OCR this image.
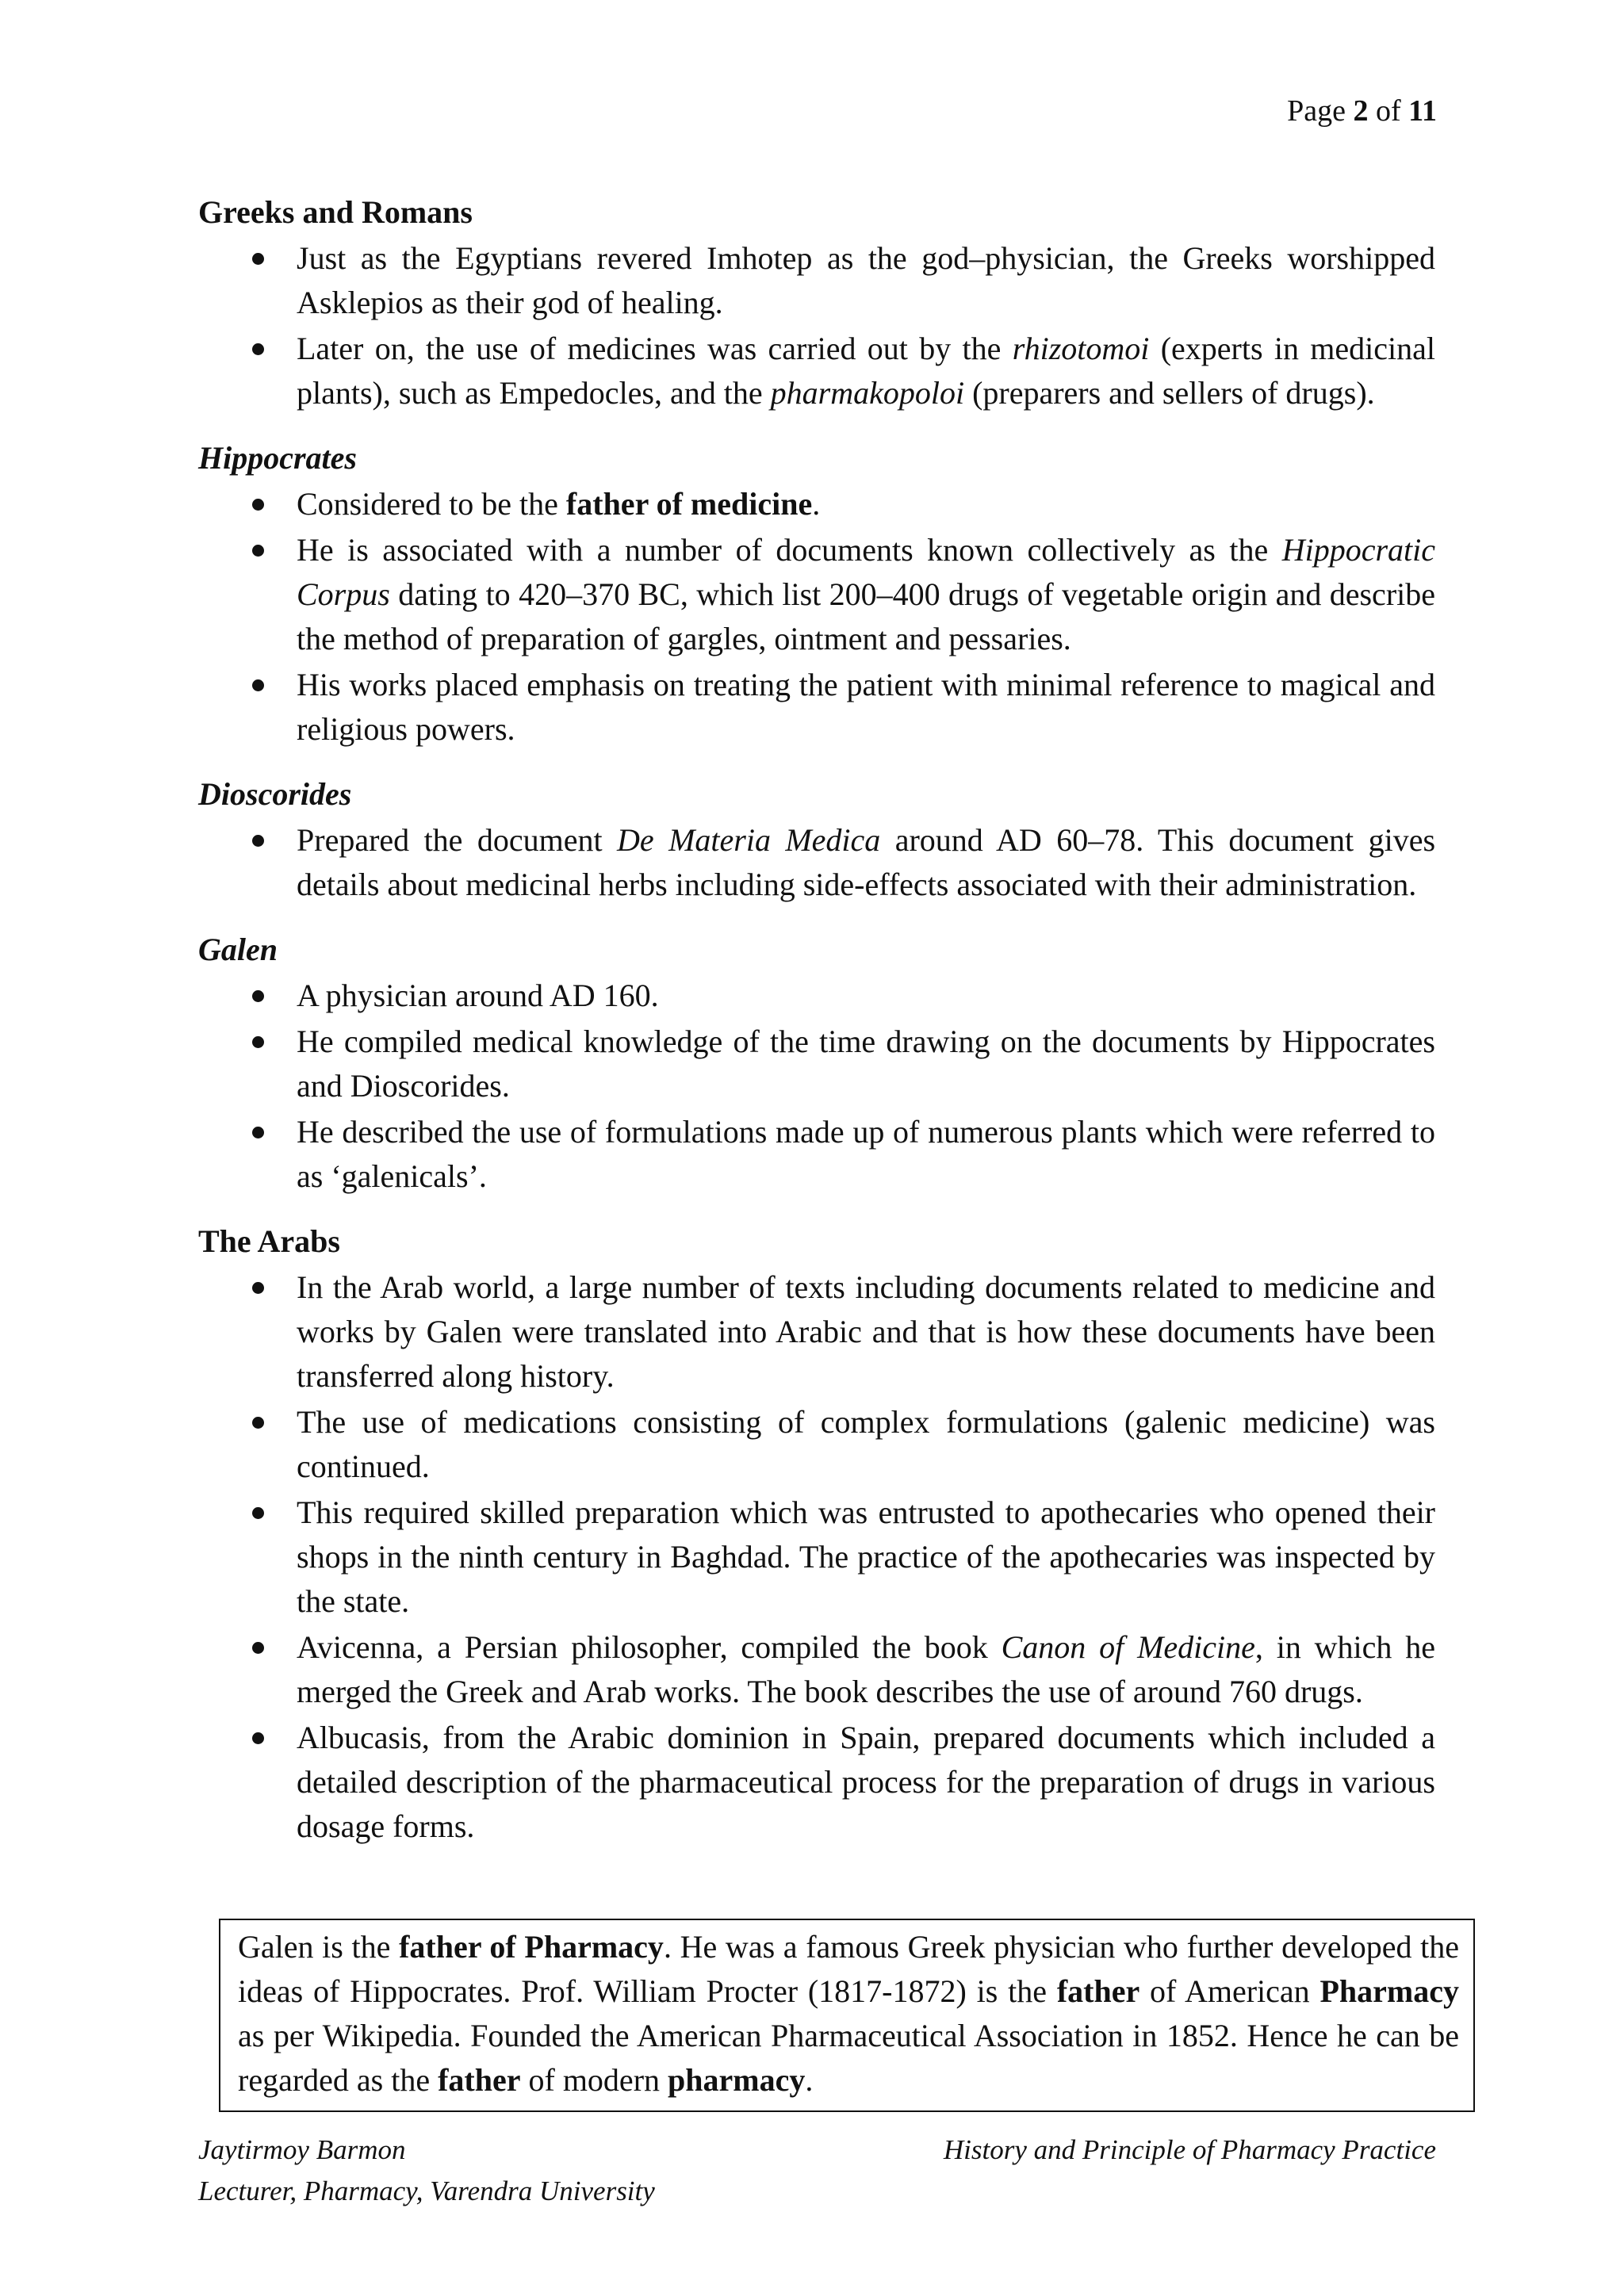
Page 2 of 11
Greeks and Romans
Just as the Egyptians revered Imhotep as the god–physician, the Greeks worshipped Asklepios as their god of healing.
Later on, the use of medicines was carried out by the rhizotomoi (experts in medicinal plants), such as Empedocles, and the pharmakopoloi (preparers and sellers of drugs).
Hippocrates
Considered to be the father of medicine.
He is associated with a number of documents known collectively as the Hippocratic Corpus dating to 420–370 BC, which list 200–400 drugs of vegetable origin and describe the method of preparation of gargles, ointment and pessaries.
His works placed emphasis on treating the patient with minimal reference to magical and religious powers.
Dioscorides
Prepared the document De Materia Medica around AD 60–78. This document gives details about medicinal herbs including side-effects associated with their administration.
Galen
A physician around AD 160.
He compiled medical knowledge of the time drawing on the documents by Hippocrates and Dioscorides.
He described the use of formulations made up of numerous plants which were referred to as ‘galenicals’.
The Arabs
In the Arab world, a large number of texts including documents related to medicine and works by Galen were translated into Arabic and that is how these documents have been transferred along history.
The use of medications consisting of complex formulations (galenic medicine) was continued.
This required skilled preparation which was entrusted to apothecaries who opened their shops in the ninth century in Baghdad. The practice of the apothecaries was inspected by the state.
Avicenna, a Persian philosopher, compiled the book Canon of Medicine, in which he merged the Greek and Arab works. The book describes the use of around 760 drugs.
Albucasis, from the Arabic dominion in Spain, prepared documents which included a detailed description of the pharmaceutical process for the preparation of drugs in various dosage forms.
Galen is the father of Pharmacy. He was a famous Greek physician who further developed the ideas of Hippocrates. Prof. William Procter (1817-1872) is the father of American Pharmacy as per Wikipedia. Founded the American Pharmaceutical Association in 1852. Hence he can be regarded as the father of modern pharmacy.
Jaytirmoy Barmon
Lecturer, Pharmacy, Varendra University
History and Principle of Pharmacy Practice
